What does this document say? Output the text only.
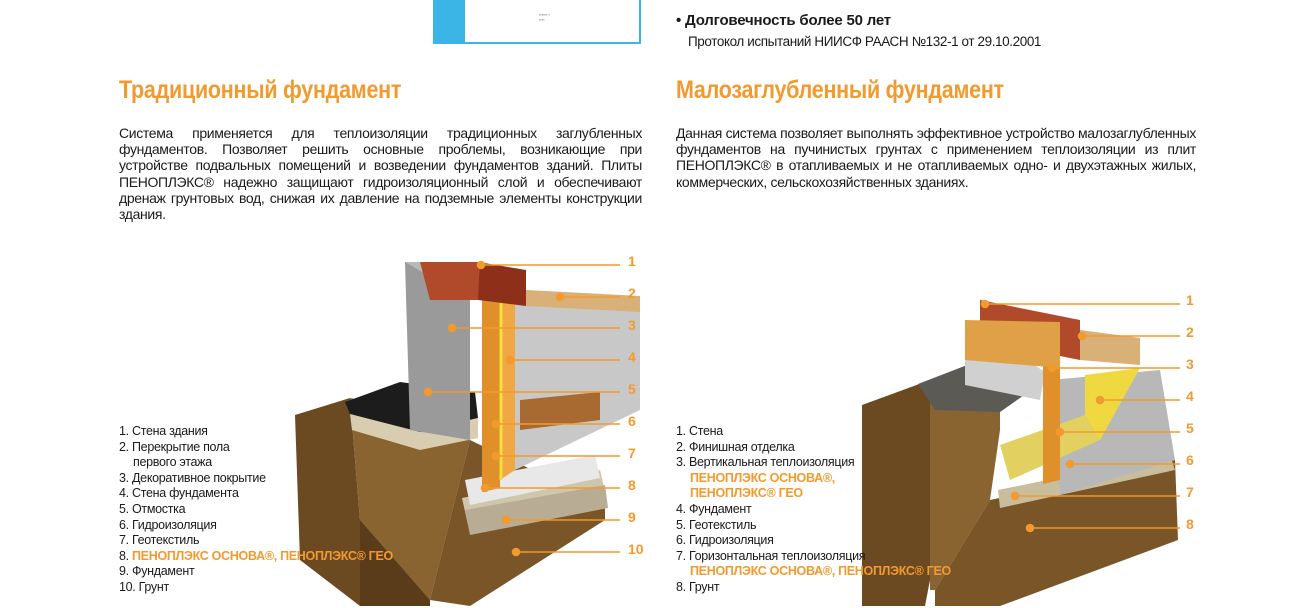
▪▪▪▪▪▪ ▪
▪▪▪▪	• Долговечность более 50 лет
Протокол испытаний НИИСФ РААСН №132-1 от 29.10.2001
Традиционный фундамент	Малозаглубленный фундамент
Система применяется для теплоизоляции традиционных заглубленных фундаментов. Позволяет решить основные проблемы, возникающие при устройстве подвальных помещений и возведении фундаментов зданий. Плиты ПЕНОПЛЭКС® надежно защищают гидроизоляционный слой и обеспечивают дренаж грунтовых вод, снижая их давление на подземные элементы конструкции здания.
Данная система позволяет выполнять эффективное устройство малозаглубленных фундаментов на пучинистых грунтах с применением теплоизоляции из плит ПЕНОПЛЭКС® в отапливаемых и не отапливаемых одно- и двухэтажных жилых, коммерческих, сельскохозяйственных зданиях.
1
2
3
4
5
6
7
8
9
10
1
2
3
4
5
6
7
8
1. Стена здания
2. Перекрытие пола
первого этажа
3. Декоративное покрытие
4. Стена фундамента
5. Отмостка
6. Гидроизоляция
7. Геотекстиль
8. ПЕНОПЛЭКС ОСНОВА®, ПЕНОПЛЭКС® ГЕО
9. Фундамент
10. Грунт
1. Стена
2. Финишная отделка
3. Вертикальная теплоизоляция
ПЕНОПЛЭКС ОСНОВА®,
ПЕНОПЛЭКС® ГЕО
4. Фундамент
5. Геотекстиль
6. Гидроизоляция
7. Горизонтальная теплоизоляция
ПЕНОПЛЭКС ОСНОВА®, ПЕНОПЛЭКС® ГЕО
8. Грунт
